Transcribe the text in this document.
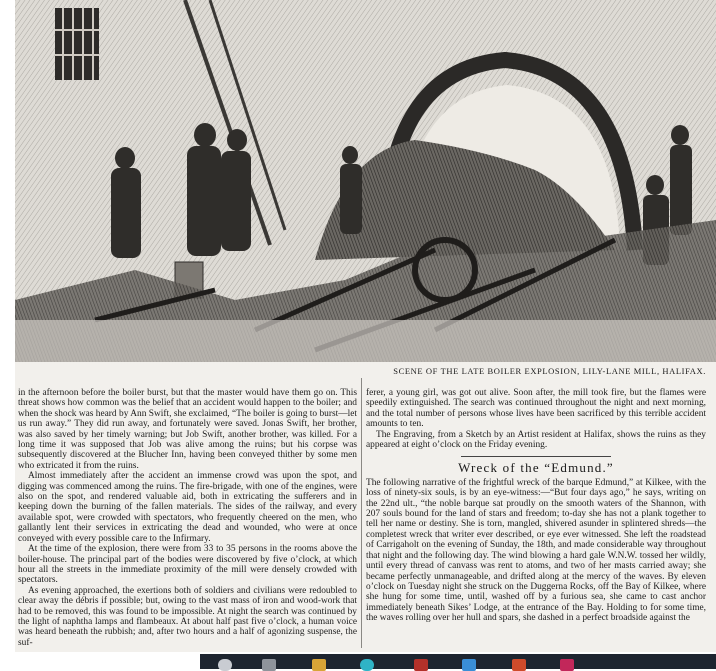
SCENE OF THE LATE BOILER EXPLOSION, LILY-LANE MILL, HALIFAX.

in the afternoon before the boiler burst, but that the master would have them go on. This threat shows how common was the belief that an accident would happen to the boiler; and when the shock was heard by Ann Swift, she exclaimed, “The boiler is going to burst—let us run away.” They did run away, and fortunately were saved. Jonas Swift, her brother, was also saved by her timely warning; but Job Swift, another brother, was killed. For a long time it was supposed that Job was alive among the ruins; but his corpse was subsequently discovered at the Blucher Inn, having been conveyed thither by some men who extricated it from the ruins.

Almost immediately after the accident an immense crowd was upon the spot, and digging was commenced among the ruins. The fire-brigade, with one of the engines, were also on the spot, and rendered valuable aid, both in extricating the sufferers and in keeping down the burning of the fallen materials. The sides of the railway, and every available spot, were crowded with spectators, who frequently cheered on the men, who gallantly lent their services in extricating the dead and wounded, who were at once conveyed with every possible care to the Infirmary.

At the time of the explosion, there were from 33 to 35 persons in the rooms above the boiler-house. The principal part of the bodies were discovered by five o’clock, at which hour all the streets in the immediate proximity of the mill were densely crowded with spectators.

As evening approached, the exertions both of soldiers and civilians were redoubled to clear away the débris if possible; but, owing to the vast mass of iron and wood-work that had to be removed, this was found to be impossible. At night the search was continued by the light of naphtha lamps and flambeaux. At about half past five o’clock, a human voice was heard beneath the rubbish; and, after two hours and a half of agonizing suspense, the suf-

ferer, a young girl, was got out alive. Soon after, the mill took fire, but the flames were speedily extinguished. The search was continued throughout the night and next morning, and the total number of persons whose lives have been sacrificed by this terrible accident amounts to ten.

The Engraving, from a Sketch by an Artist resident at Halifax, shows the ruins as they appeared at eight o’clock on the Friday evening.

Wreck of the “Edmund.”

The following narrative of the frightful wreck of the barque Edmund,” at Kilkee, with the loss of ninety-six souls, is by an eye-witness:—“But four days ago,” he says, writing on the 22nd ult., “the noble barque sat proudly on the smooth waters of the Shannon, with 207 souls bound for the land of stars and freedom; to-day she has not a plank together to tell her name or destiny. She is torn, mangled, shivered asunder in splintered shreds—the completest wreck that writer ever described, or eye ever witnessed. She left the roadstead of Carrigaholt on the evening of Sunday, the 18th, and made considerable way throughout that night and the following day. The wind blowing a hard gale W.N.W. tossed her wildly, until every thread of canvass was rent to atoms, and two of her masts carried away; she became perfectly unmanageable, and drifted along at the mercy of the waves. By eleven o’clock on Tuesday night she struck on the Duggerna Rocks, off the Bay of Kilkee, where she hung for some time, until, washed off by a furious sea, she came to cast anchor immediately beneath Sikes’ Lodge, at the entrance of the Bay. Holding to for some time, the waves rolling over her hull and spars, she dashed in a perfect broadside against the
